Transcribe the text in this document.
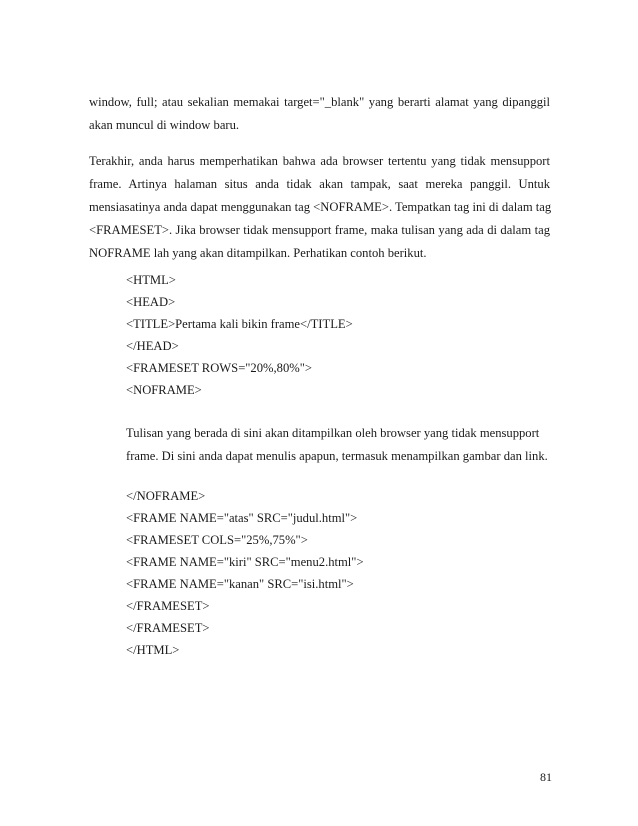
window, full; atau sekalian memakai target="_blank" yang berarti alamat yang dipanggil
akan muncul di window baru.
Terakhir, anda harus memperhatikan bahwa ada browser tertentu yang tidak mensupport
frame. Artinya halaman situs anda tidak akan tampak, saat mereka panggil. Untuk
mensiasatinya anda dapat menggunakan tag <NOFRAME>. Tempatkan tag ini di dalam tag
<FRAMESET>. Jika browser tidak mensupport frame, maka tulisan yang ada di dalam tag
NOFRAME lah yang akan ditampilkan. Perhatikan contoh berikut.
<HTML>
<HEAD>
<TITLE>Pertama kali bikin frame</TITLE>
</HEAD>
<FRAMESET ROWS="20%,80%">
<NOFRAME>
Tulisan yang berada di sini akan ditampilkan oleh browser yang tidak mensupport
frame. Di sini anda dapat menulis apapun, termasuk menampilkan gambar dan link.
</NOFRAME>
<FRAME NAME="atas" SRC="judul.html">
<FRAMESET COLS="25%,75%">
<FRAME NAME="kiri" SRC="menu2.html">
<FRAME NAME="kanan" SRC="isi.html">
</FRAMESET>
</FRAMESET>
</HTML>
81
